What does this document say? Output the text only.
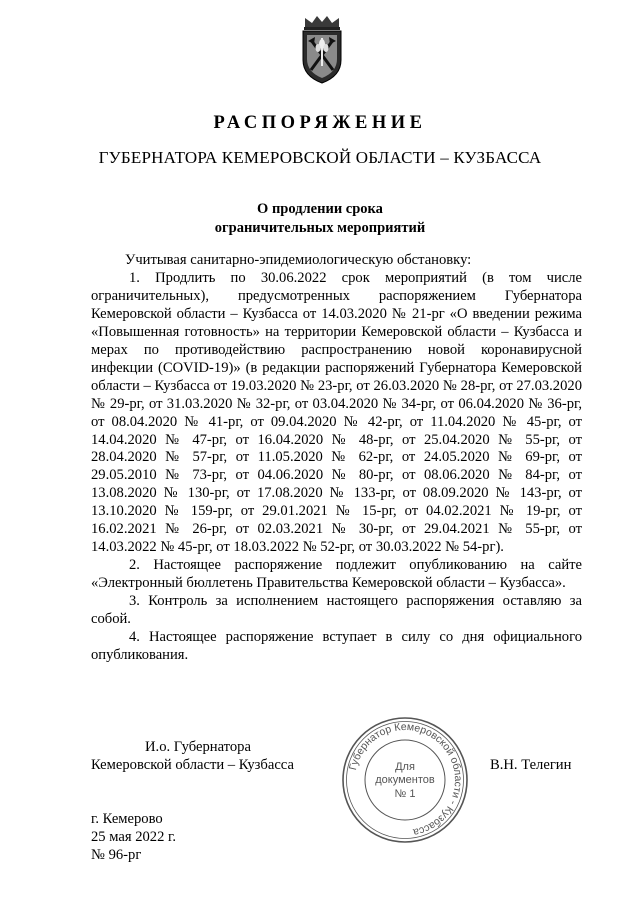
РАСПОРЯЖЕНИЕ
ГУБЕРНАТОРА КЕМЕРОВСКОЙ ОБЛАСТИ – КУЗБАССА
О продлении срока
ограничительных мероприятий

Учитывая санитарно-эпидемиологическую обстановку:

1. Продлить по 30.06.2022 срок мероприятий (в том числе ограничительных), предусмотренных распоряжением Губернатора Кемеровской области – Кузбасса от 14.03.2020 № 21-рг «О введении режима «Повышенная готовность» на территории Кемеровской области – Кузбасса и мерах по противодействию распространению новой коронавирусной инфекции (COVID-19)» (в редакции распоряжений Губернатора Кемеровской области – Кузбасса от 19.03.2020 № 23-рг, от 26.03.2020 № 28-рг, от 27.03.2020 № 29-рг, от 31.03.2020 № 32-рг, от 03.04.2020 № 34-рг, от 06.04.2020 № 36-рг, от 08.04.2020 № 41-рг, от 09.04.2020 № 42-рг, от 11.04.2020 № 45-рг, от 14.04.2020 № 47-рг, от 16.04.2020 № 48-рг, от 25.04.2020 № 55-рг, от 28.04.2020 № 57-рг, от 11.05.2020 № 62-рг, от 24.05.2020 № 69-рг, от 29.05.2010 № 73-рг, от 04.06.2020 № 80-рг, от 08.06.2020 № 84-рг, от 13.08.2020 № 130-рг, от 17.08.2020 № 133-рг, от 08.09.2020 № 143-рг, от 13.10.2020 № 159-рг, от 29.01.2021 № 15-рг, от 04.02.2021 № 19-рг, от 16.02.2021 № 26-рг, от 02.03.2021 № 30-рг, от 29.04.2021 № 55-рг, от 14.03.2022 № 45-рг, от 18.03.2022 № 52-рг, от 30.03.2022 № 54-рг).

2. Настоящее распоряжение подлежит опубликованию на сайте «Электронный бюллетень Правительства Кемеровской области – Кузбасса».

3. Контроль за исполнением настоящего распоряжения оставляю за собой.

4. Настоящее распоряжение вступает в силу со дня официального опубликования.

И.о. Губернатора
Кемеровской области – Кузбасса	В.Н. Телегин
Губернатор Кемеровской области - Кузбасса
Для
документов
№ 1
г. Кемерово
25 мая 2022 г.
№ 96-рг
